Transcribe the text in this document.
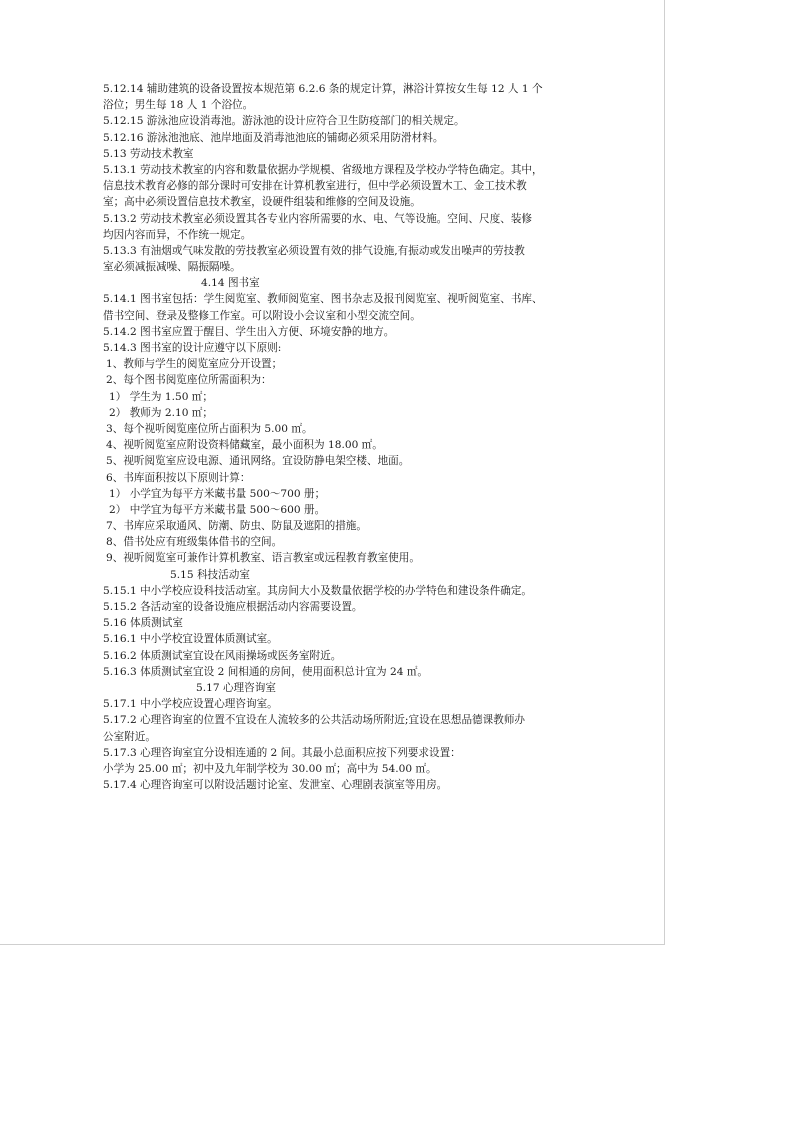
5.12.14 辅助建筑的设备设置按本规范第 6.2.6 条的规定计算，淋浴计算按女生每 12 人 1 个
浴位；男生每 18 人 1 个浴位。
5.12.15 游泳池应设消毒池。游泳池的设计应符合卫生防疫部门的相关规定。
5.12.16 游泳池池底、池岸地面及消毒池池底的铺砌必须采用防滑材料。
5.13 劳动技术教室
5.13.1 劳动技术教室的内容和数量依据办学规模、省级地方课程及学校办学特色确定。其中，
信息技术教育必修的部分课时可安排在计算机教室进行，但中学必须设置木工、金工技术教
室；高中必须设置信息技术教室，设硬件组装和维修的空间及设施。
5.13.2 劳动技术教室必须设置其各专业内容所需要的水、电、气等设施。空间、尺度、装修
均因内容而异，不作统一规定。
5.13.3 有油烟或气味发散的劳技教室必须设置有效的排气设施,有振动或发出噪声的劳技教
室必须减振减噪、隔振隔噪。
4.14 图书室
5.14.1 图书室包括：学生阅览室、教师阅览室、图书杂志及报刊阅览室、视听阅览室、书库、
借书空间、登录及整修工作室。可以附设小会议室和小型交流空间。
5.14.2 图书室应置于醒目、学生出入方便、环境安静的地方。
5.14.3 图书室的设计应遵守以下原则:
1、教师与学生的阅览室应分开设置；
2、每个图书阅览座位所需面积为：
1） 学生为 1.50 ㎡；
2） 教师为 2.10 ㎡；
3、每个视听阅览座位所占面积为 5.00 ㎡。
4、视听阅览室应附设资料储藏室，最小面积为 18.00 ㎡。
5、视听阅览室应设电源、通讯网络。宜设防静电架空楼、地面。
6、书库面积按以下原则计算：
1） 小学宜为每平方米藏书量 500～700 册；
2） 中学宜为每平方米藏书量 500～600 册。
7、书库应采取通风、防潮、防虫、防鼠及遮阳的措施。
8、借书处应有班级集体借书的空间。
9、视听阅览室可兼作计算机教室、语言教室或远程教育教室使用。
5.15 科技活动室
5.15.1 中小学校应设科技活动室。其房间大小及数量依据学校的办学特色和建设条件确定。
5.15.2 各活动室的设备设施应根据活动内容需要设置。
5.16 体质测试室
5.16.1 中小学校宜设置体质测试室。
5.16.2 体质测试室宜设在风雨操场或医务室附近。
5.16.3 体质测试室宜设 2 间相通的房间，使用面积总计宜为 24 ㎡。
5.17 心理咨询室
5.17.1 中小学校应设置心理咨询室。
5.17.2 心理咨询室的位置不宜设在人流较多的公共活动场所附近;宜设在思想品德课教师办
公室附近。
5.17.3 心理咨询室宜分设相连通的 2 间。其最小总面积应按下列要求设置：
小学为 25.00 ㎡；初中及九年制学校为 30.00 ㎡；高中为 54.00 ㎡。
5.17.4 心理咨询室可以附设活题讨论室、发泄室、心理剧表演室等用房。
